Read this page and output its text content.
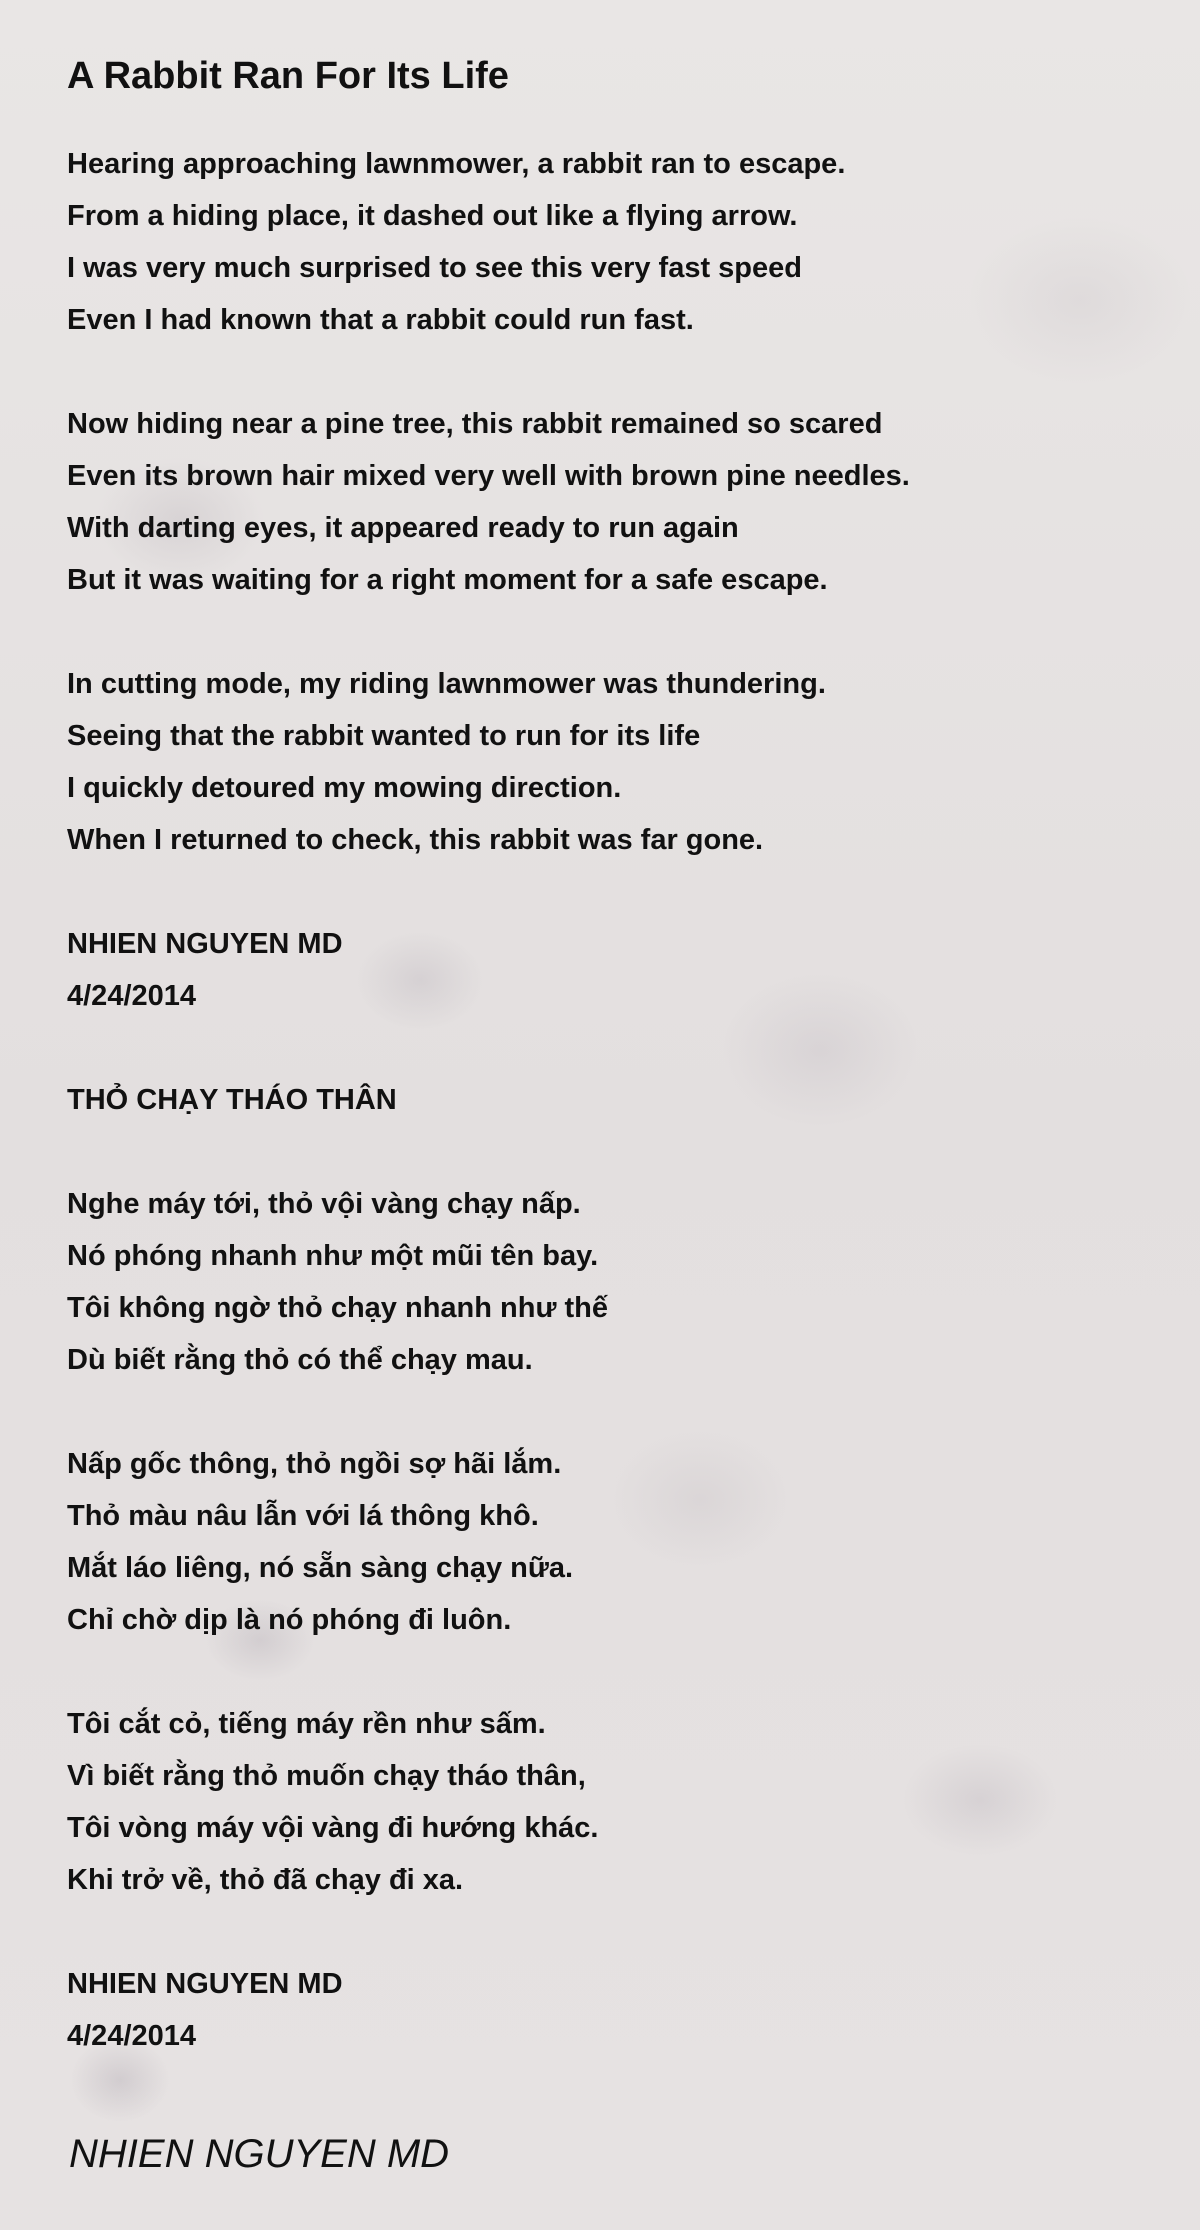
A Rabbit Ran For Its Life
Hearing approaching lawnmower, a rabbit ran to escape.
From a hiding place, it dashed out like a flying arrow.
I was very much surprised to see this very fast speed
Even I had known that a rabbit could run fast.
Now hiding near a pine tree, this rabbit remained so scared
Even its brown hair mixed very well with brown pine needles.
With darting eyes, it appeared ready to run again
But it was waiting for a right moment for a safe escape.
In cutting mode, my riding lawnmower was thundering.
Seeing that the rabbit wanted to run for its life
I quickly detoured my mowing direction.
When I returned to check, this rabbit was far gone.
NHIEN NGUYEN MD
4/24/2014
THỎ CHẠY THÁO THÂN
Nghe máy tới, thỏ vội vàng chạy nấp.
Nó phóng nhanh như một mũi tên bay.
Tôi không ngờ thỏ chạy nhanh như thế
Dù biết rằng thỏ có thể chạy mau.
Nấp gốc thông, thỏ ngồi sợ hãi lắm.
Thỏ màu nâu lẫn với lá thông khô.
Mắt láo liêng, nó sẵn sàng chạy nữa.
Chỉ chờ dịp là nó phóng đi luôn.
Tôi cắt cỏ, tiếng máy rền như sấm.
Vì biết rằng thỏ muốn chạy tháo thân,
Tôi vòng máy vội vàng đi hướng khác.
Khi trở về, thỏ đã chạy đi xa.
NHIEN NGUYEN MD
4/24/2014
NHIEN NGUYEN MD
